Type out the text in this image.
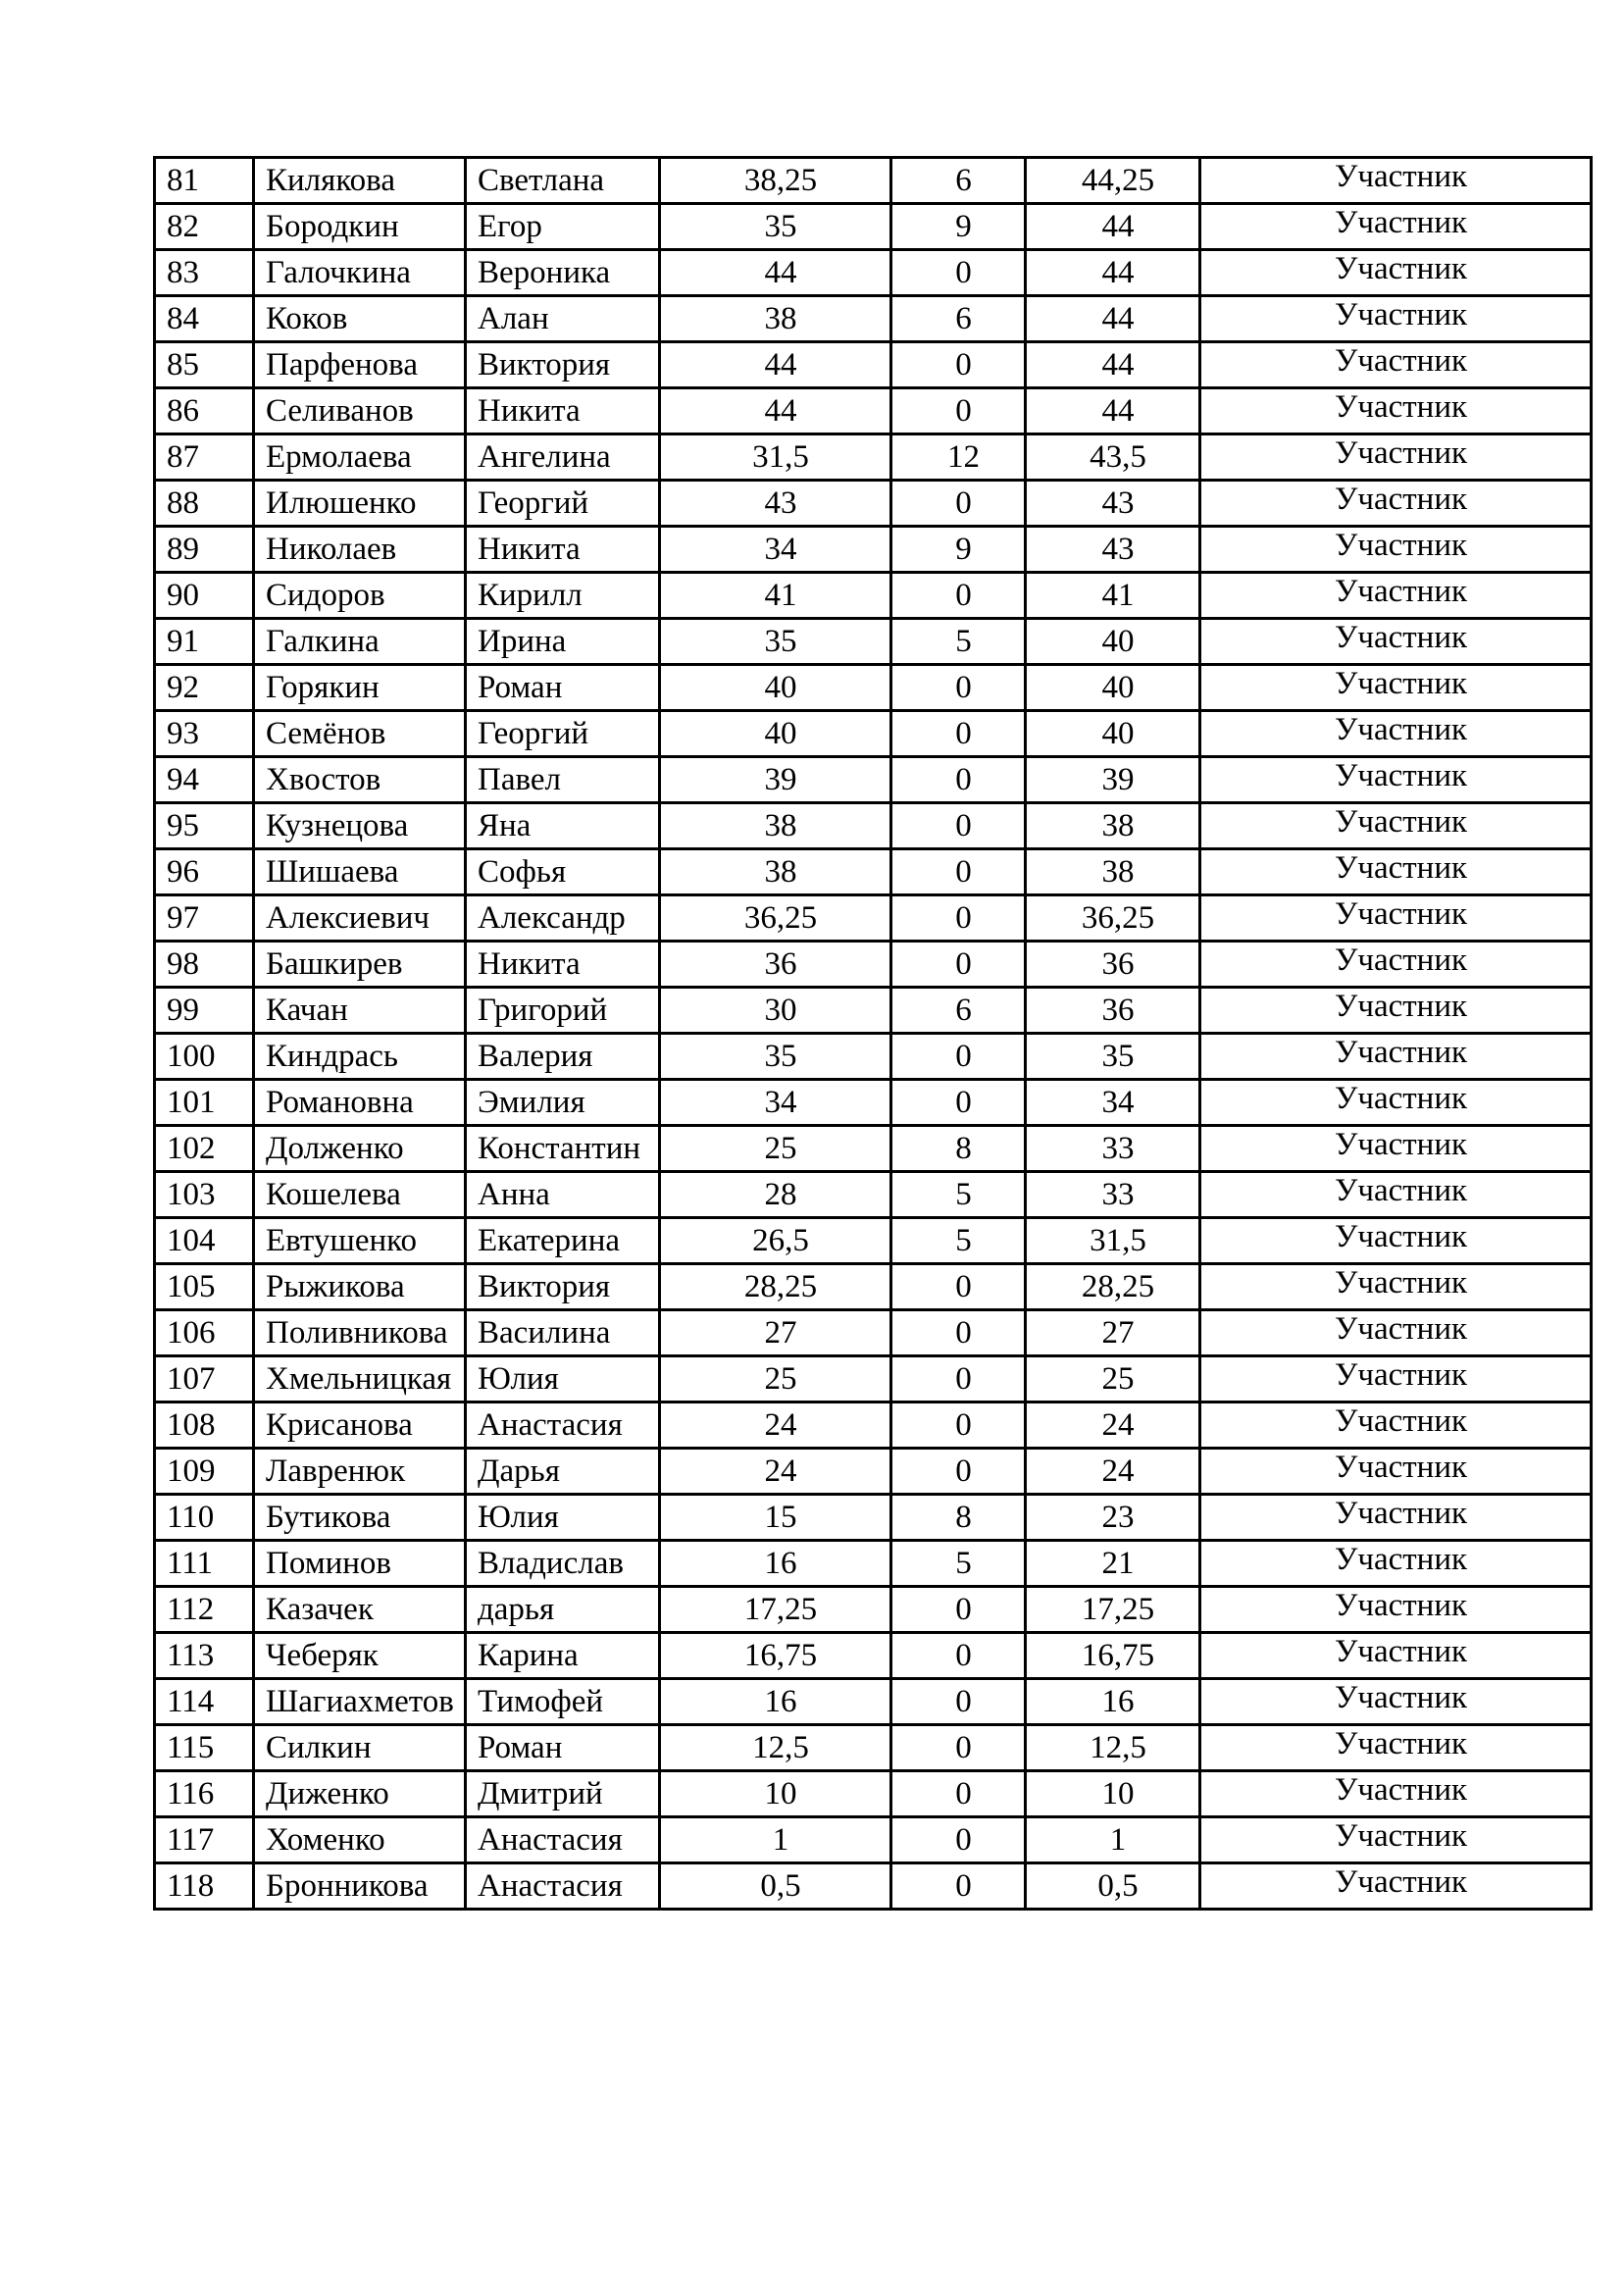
81	Килякова	Светлана	38,25	6	44,25	Участник
82	Бородкин	Егор	35	9	44	Участник
83	Галочкина	Вероника	44	0	44	Участник
84	Коков	Алан	38	6	44	Участник
85	Парфенова	Виктория	44	0	44	Участник
86	Селиванов	Никита	44	0	44	Участник
87	Ермолаева	Ангелина	31,5	12	43,5	Участник
88	Илюшенко	Георгий	43	0	43	Участник
89	Николаев	Никита	34	9	43	Участник
90	Сидоров	Кирилл	41	0	41	Участник
91	Галкина	Ирина	35	5	40	Участник
92	Горякин	Роман	40	0	40	Участник
93	Семёнов	Георгий	40	0	40	Участник
94	Хвостов	Павел	39	0	39	Участник
95	Кузнецова	Яна	38	0	38	Участник
96	Шишаева	Софья	38	0	38	Участник
97	Алексиевич	Александр	36,25	0	36,25	Участник
98	Башкирев	Никита	36	0	36	Участник
99	Качан	Григорий	30	6	36	Участник
100	Киндрась	Валерия	35	0	35	Участник
101	Романовна	Эмилия	34	0	34	Участник
102	Долженко	Константин	25	8	33	Участник
103	Кошелева	Анна	28	5	33	Участник
104	Евтушенко	Екатерина	26,5	5	31,5	Участник
105	Рыжикова	Виктория	28,25	0	28,25	Участник
106	Поливникова	Василина	27	0	27	Участник
107	Хмельницкая	Юлия	25	0	25	Участник
108	Крисанова	Анастасия	24	0	24	Участник
109	Лавренюк	Дарья	24	0	24	Участник
110	Бутикова	Юлия	15	8	23	Участник
111	Поминов	Владислав	16	5	21	Участник
112	Казачек	дарья	17,25	0	17,25	Участник
113	Чеберяк	Карина	16,75	0	16,75	Участник
114	Шагиахметов	Тимофей	16	0	16	Участник
115	Силкин	Роман	12,5	0	12,5	Участник
116	Диженко	Дмитрий	10	0	10	Участник
117	Хоменко	Анастасия	1	0	1	Участник
118	Бронникова	Анастасия	0,5	0	0,5	Участник
